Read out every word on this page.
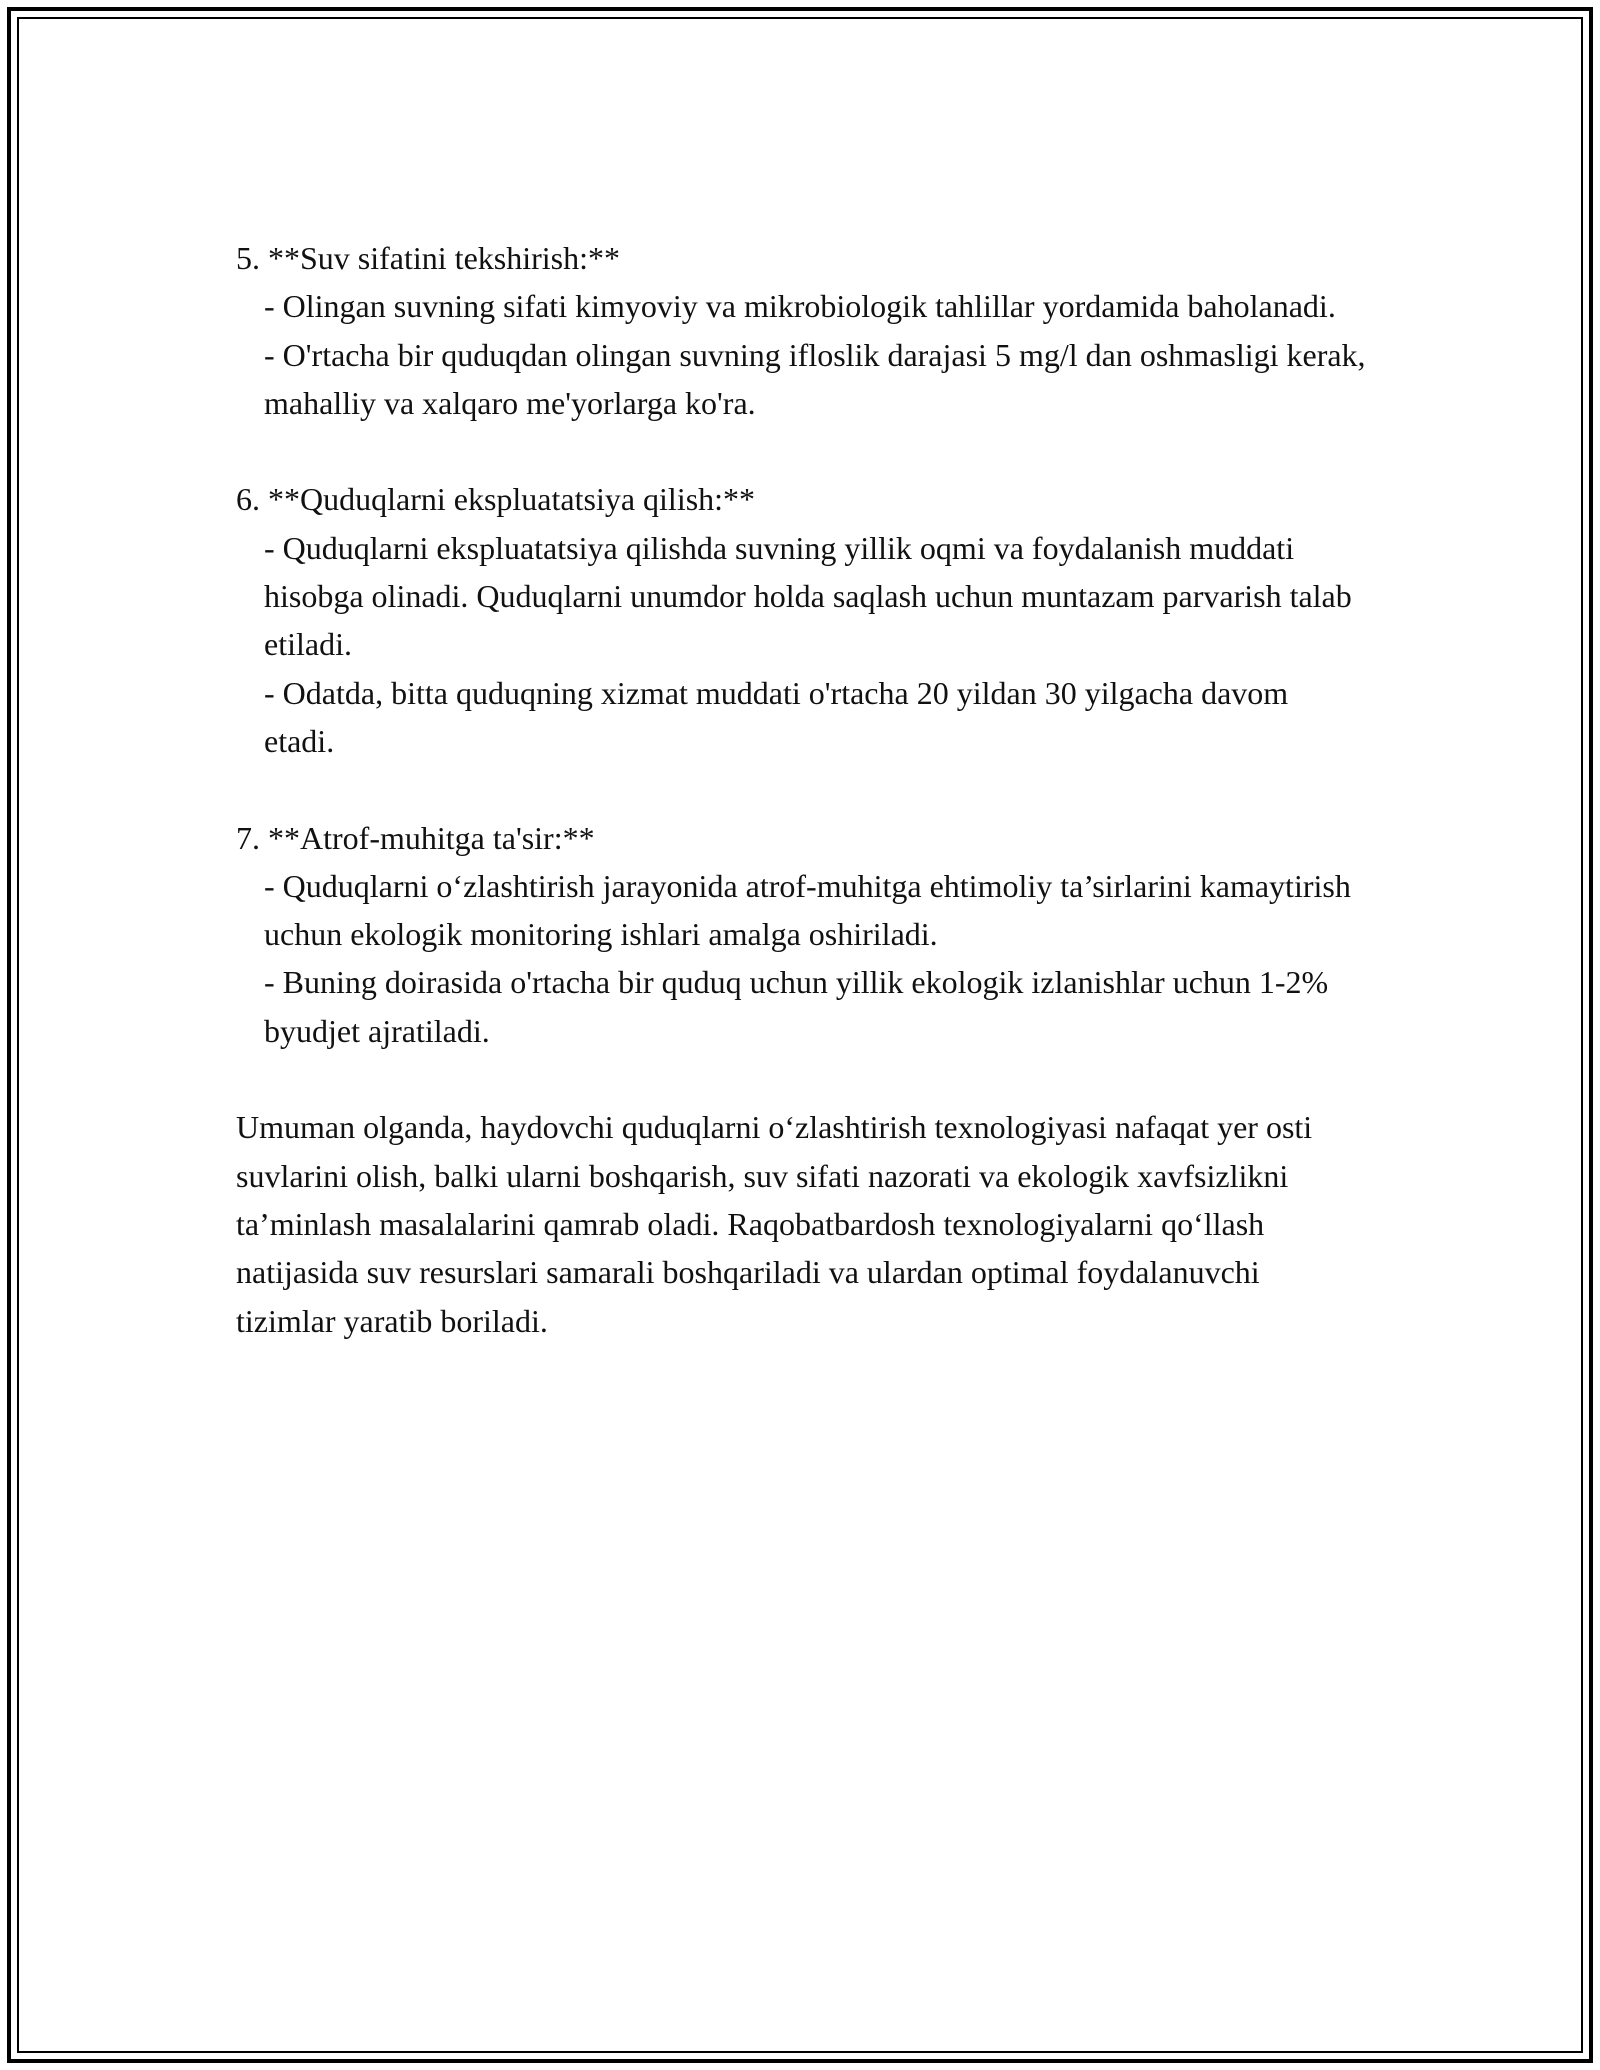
5. **Suv sifatini tekshirish:**

- Olingan suvning sifati kimyoviy va mikrobiologik tahlillar yordamida baholanadi.

- O'rtacha bir quduqdan olingan suvning ifloslik darajasi 5 mg/l dan oshmasligi kerak, mahalliy va xalqaro me'yorlarga ko'ra.

6. **Quduqlarni ekspluatatsiya qilish:**

- Quduqlarni ekspluatatsiya qilishda suvning yillik oqmi va foydalanish muddati hisobga olinadi. Quduqlarni unumdor holda saqlash uchun muntazam parvarish talab etiladi.

- Odatda, bitta quduqning xizmat muddati o'rtacha 20 yildan 30 yilgacha davom etadi.

7. **Atrof-muhitga ta'sir:**

- Quduqlarni o‘zlashtirish jarayonida atrof-muhitga ehtimoliy ta’sirlarini kamaytirish uchun ekologik monitoring ishlari amalga oshiriladi.

- Buning doirasida o'rtacha bir quduq uchun yillik ekologik izlanishlar uchun 1-2% byudjet ajratiladi.

Umuman olganda, haydovchi quduqlarni o‘zlashtirish texnologiyasi nafaqat yer osti suvlarini olish, balki ularni boshqarish, suv sifati nazorati va ekologik xavfsizlikni ta’minlash masalalarini qamrab oladi. Raqobatbardosh texnologiyalarni qo‘llash natijasida suv resurslari samarali boshqariladi va ulardan optimal foydalanuvchi tizimlar yaratib boriladi.
